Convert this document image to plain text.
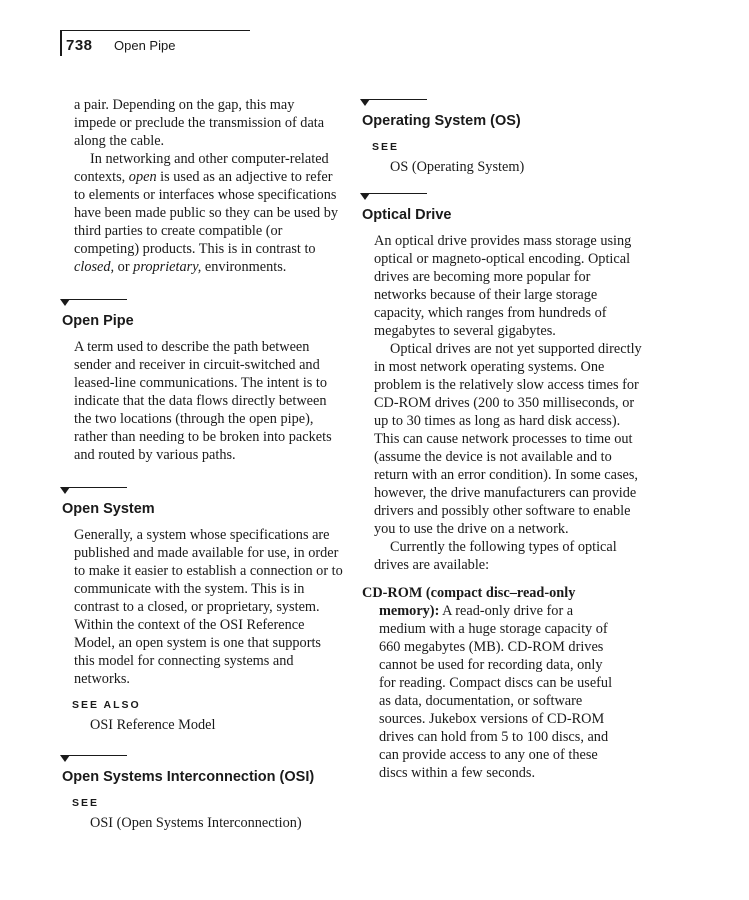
738 Open Pipe

a pair. Depending on the gap, this may
impede or preclude the transmission of data
along the cable.

In networking and other computer-related contexts, open is used as an adjective to refer to elements or interfaces whose specifications have been made public so they can be used by third parties to create compatible (or competing) products. This is in contrast to closed, or proprietary, environments.

Open Pipe

A term used to describe the path between sender and receiver in circuit-switched and leased-line communications. The intent is to indicate that the data flows directly between the two locations (through the open pipe), rather than needing to be broken into packets and routed by various paths.

Open System

Generally, a system whose specifications are published and made available for use, in order to make it easier to establish a connection or to communicate with the system. This is in contrast to a closed, or proprietary, system. Within the context of the OSI Reference Model, an open system is one that supports this model for connecting systems and networks.

SEE ALSO
OSI Reference Model
Open Systems Interconnection (OSI)
SEE
OSI (Open Systems Interconnection)
Operating System (OS)
SEE
OS (Operating System)
Optical Drive

An optical drive provides mass storage using optical or magneto-optical encoding. Optical drives are becoming more popular for networks because of their large storage capacity, which ranges from hundreds of megabytes to several gigabytes.

Optical drives are not yet supported directly in most network operating systems. One problem is the relatively slow access times for CD-ROM drives (200 to 350 milliseconds, or up to 30 times as long as hard disk access). This can cause network processes to time out (assume the device is not available and to return with an error condition). In some cases, however, the drive manufacturers can provide drivers and possibly other software to enable you to use the drive on a network.

Currently the following types of optical drives are available:

CD-ROM (compact disc–read-only memory): A read-only drive for a medium with a huge storage capacity of 660 megabytes (MB). CD-ROM drives cannot be used for recording data, only for reading. Compact discs can be useful as data, documentation, or software sources. Jukebox versions of CD-ROM drives can hold from 5 to 100 discs, and can provide access to any one of these discs within a few seconds.
